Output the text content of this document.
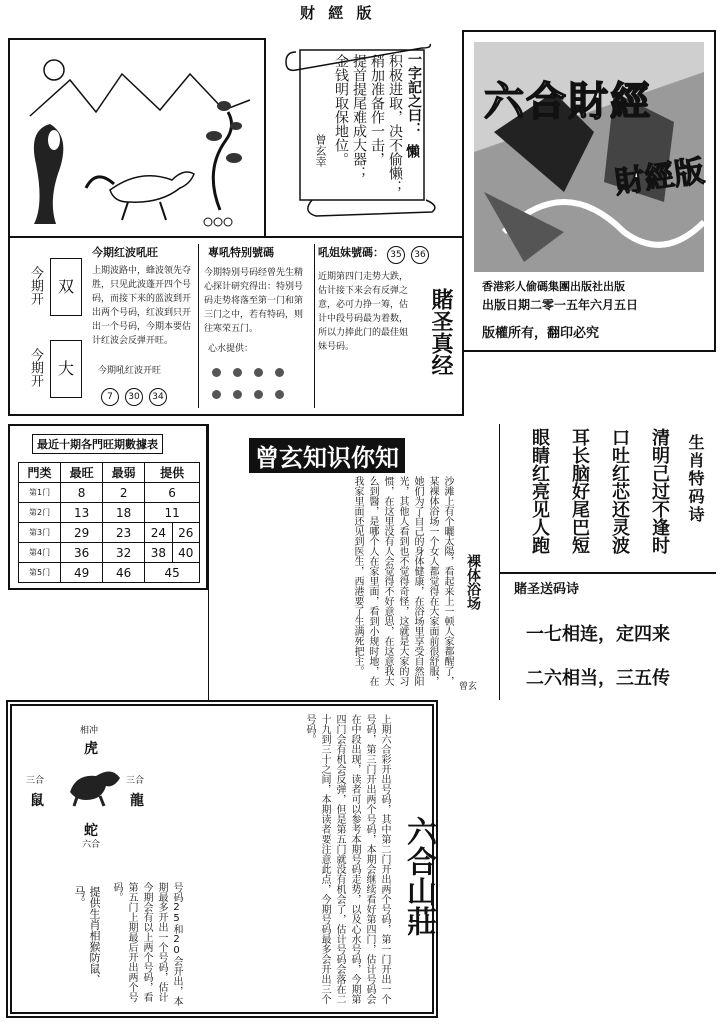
财 經 版
一字記之曰：
懶
积极进取，决不偷懒；
稍加准备作一击，
提首提尾难成大器；
金钱明取保地位。
曾玄幸
六合財經
財經版
香港彩人偷碼集團出版社出版
出版日期二零一五年六月五日
版權所有，翻印必究
今期开 双
今期开 大
今期红波吼旺
上期波路中，蜂波领先夺胜，只见此波蓬开四个号码，而接下来的蓝波到开出两个号码，红波到只开出一个号码，今期本要估计红波会反弹开旺。
今期吼红波开旺
7 30 34
專吼特别號碼
今期特别号码经曾先生精心探计研究得出：特别号码走势将落至第一门和第三门之中，若有特码，则往寒荣五门。
心水提供：
吼姐妹號碼： 35 36
近期第四门走势大跌，估计接下来会有反弹之意，必可力挣一筹，估计中段号码最为着数，所以力捧此门的最佳姐妹号码。	賭圣真经
最近十期各門旺期數據表
門类	最旺	最弱	提供	
第1门	8	2	6	
第2门	13	18	11	
第3门	29	23	24	26
第4门	36	32	38	40
第5门	49	46	45	
曾玄知识你知
沙滩上有个曬太陽，看起来上一顿人家都醒了，某裸体浴场一个女人都觉得在大家面前很舒服，她们为了自己的身体健康，在浴场里享受自然阳光，其他人看到也不觉得奇怪，这就是大家的习惯，在这里没有人会觉得不好意思，在这意我大么到醫，是哪个人在家里面，看到小规时地，在我家里面还见到医生，西港要了生满死把主。	裸体浴场
曾玄
生肖特码诗
清明己过不逢时
口吐红芯还灵波
耳长脑好尾巴短
眼睛红亮见人跑
賭圣送码诗
一七相连，定四来
二六相当，三五传
相冲
虎
三合
鼠
三合
龍
蛇
六合
提供生肖相猴防鼠、马。	号码25和20会开出，本期最多开出一个号码，估计今期会有以上两个号码，看第五门上期最后开出两个号码。	上期六合彩开出号码，其中第二门开出两个号码，第一门开出一个号码，第三门开出两个号码，本期会继续看好第四门，估计号码会在中段出现，读者可以参考本期号码走势，以及心水号码，今期第四门会有机会反弹，但是第五门就没有机会了，估计号码会落在二十九到三十之间，本期读者要注意此点，今期号码最多会开出三个号码。
六合山莊
